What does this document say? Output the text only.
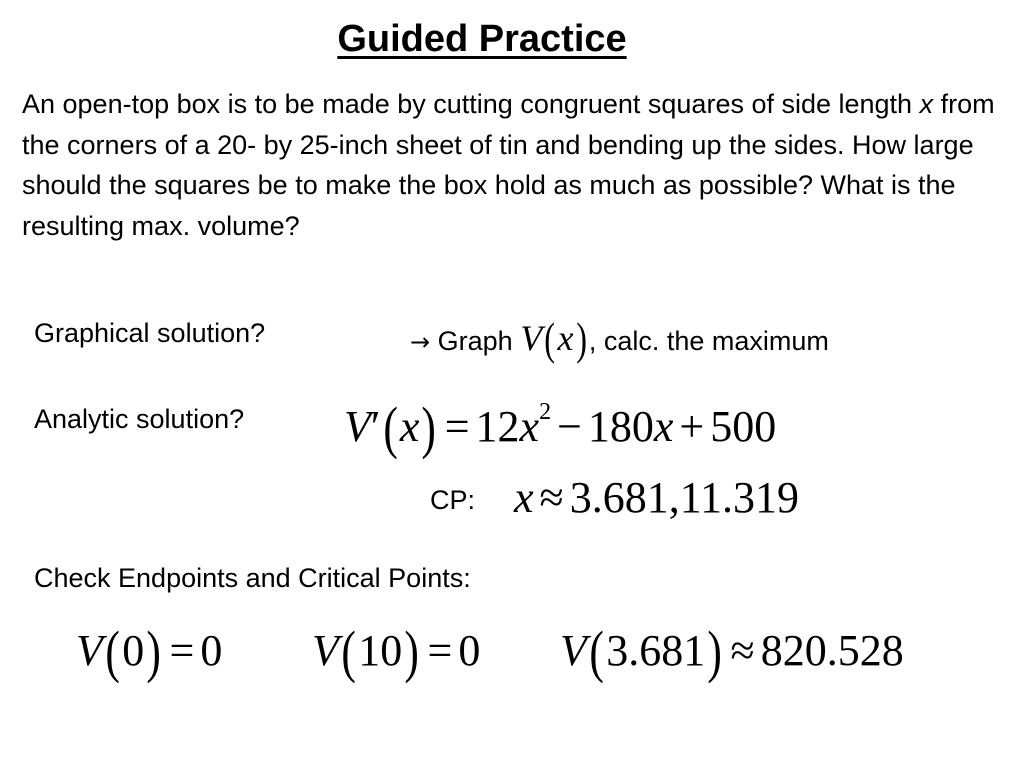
Guided Practice
An open-top box is to be made by cutting congruent squares of side length x from the corners of a 20- by 25-inch sheet of tin and bending up the sides. How large should the squares be to make the box hold as much as possible? What is the resulting max. volume?
Graphical solution?	→ Graph V(x), calc. the maximum
Analytic solution? $V'(x) = 12x^2 - 180x + 500$
CP: x ≈ 3.681,11.319
Check Endpoints and Critical Points:
V(0) = 0 V(10) = 0 V(3.681) ≈ 820.528
